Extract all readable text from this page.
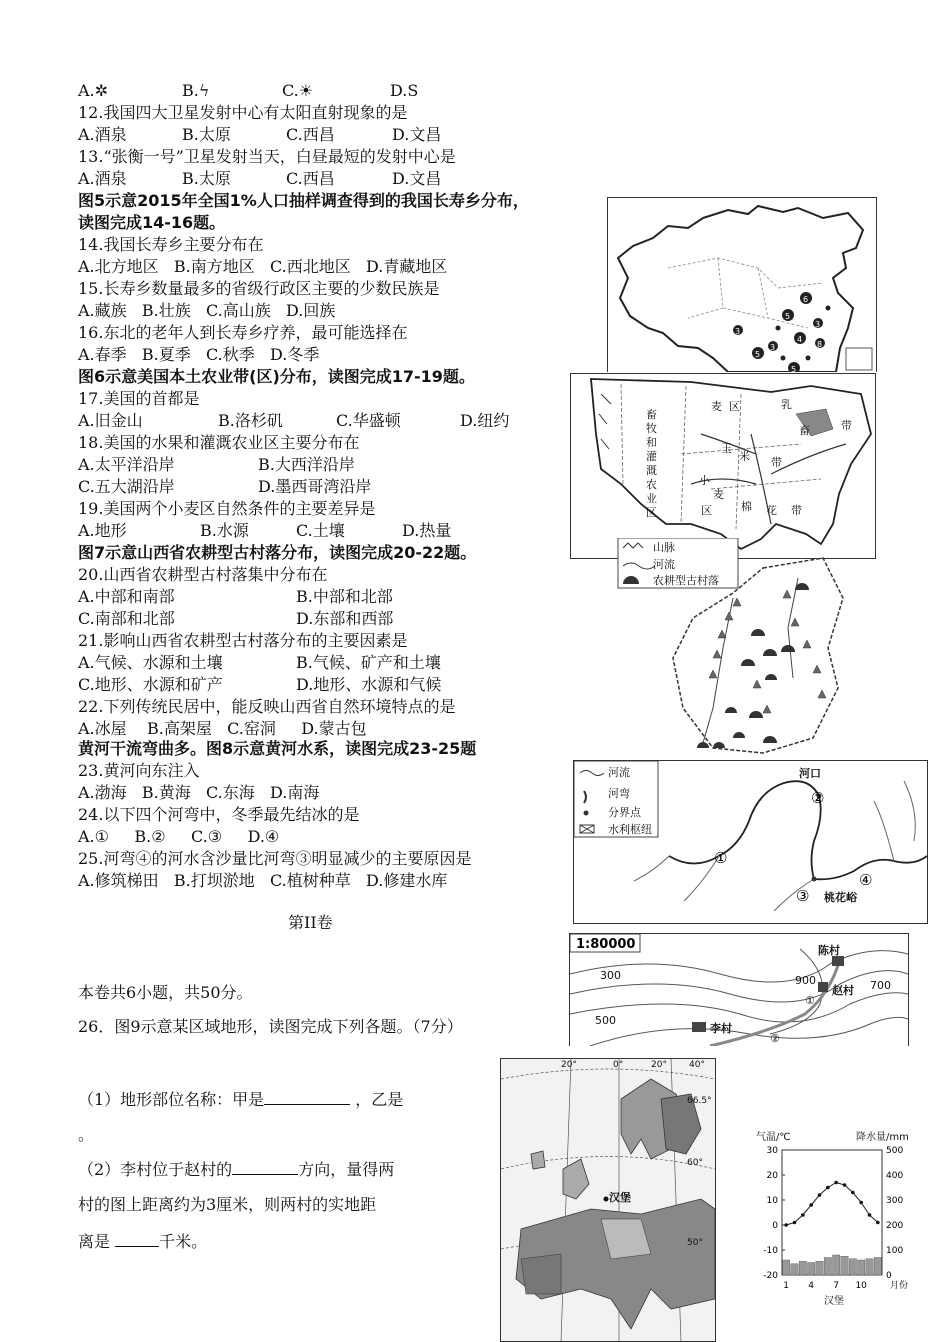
A.✲	B.ϟ	C.☀	D.S
12.我国四大卫星发射中心有太阳直射现象的是
A.酒泉	B.太原	C.西昌	D.文昌
13.“张衡一号”卫星发射当天，白昼最短的发射中心是
A.酒泉	B.太原	C.西昌	D.文昌
图5示意2015年全国1%人口抽样调查得到的我国长寿乡分布，
读图完成14-16题。
14.我国长寿乡主要分布在
A.北方地区   B.南方地区   C.西北地区   D.青藏地区
15.长寿乡数量最多的省级行政区主要的少数民族是
A.藏族   B.壮族   C.高山族   D.回族
16.东北的老年人到长寿乡疗养，最可能选择在
A.春季   B.夏季   C.秋季   D.冬季
6
5
3
3
4
5
3	8
5
图6示意美国本土农业带(区)分布，读图完成17-19题。
17.美国的首都是
A.旧金山	B.洛杉矶	C.华盛顿	D.纽约
18.美国的水果和灌溉农业区主要分布在
A.太平洋沿岸	B.大西洋沿岸
C.五大湖沿岸	D.墨西哥湾沿岸
19.美国两个小麦区自然条件的主要差异是
A.地形	B.水源	C.土壤	D.热量
畜
牧
和
灌
溉
农
业
区
麦 区
玉
米 带
棉 花 带
小
麦
区
乳
畜	带
图7示意山西省农耕型古村落分布，读图完成20-22题。
20.山西省农耕型古村落集中分布在
A.中部和南部	B.中部和北部
C.南部和北部	D.东部和西部
21.影响山西省农耕型古村落分布的主要因素是
A.气候、水源和土壤	B.气候、矿产和土壤
C.地形、水源和矿产	D.地形、水源和气候
22.下列传统民居中，能反映山西省自然环境特点的是
A.冰屋    B.高架屋   C.窑洞     D.蒙古包
山脉
河流
农耕型古村落
黄河干流弯曲多。图8示意黄河水系，读图完成23-25题
23.黄河向东注入
A.渤海   B.黄海   C.东海   D.南海
24.以下四个河弯中，冬季最先结冰的是
A.①     B.②     C.③     D.④
25.河弯④的河水含沙量比河弯③明显减少的主要原因是
A.修筑梯田   B.打坝淤地   C.植树种草   D.修建水库
河流
河弯
分界点
水利枢纽
河口
桃花峪
①
②
③
④
第II卷
本卷共6小题，共50分。
26．图9示意某区域地形，读图完成下列各题。（7分）
1:80000
300
500
700
900
陈村
赵村
李村
①
②
（1）地形部位名称：甲是	，乙是
。
（2）李村位于赵村的	方向，量得两
村的图上距离约为3厘米，则两村的实地距
离是	千米。
汉堡
20°	0°	20° 40°
66.5°
60°
50°
气温/℃	降水量/mm
30
20
10
0
-10
-20
500
400
300
200
100
0
1 4 7 10	月份
汉堡
